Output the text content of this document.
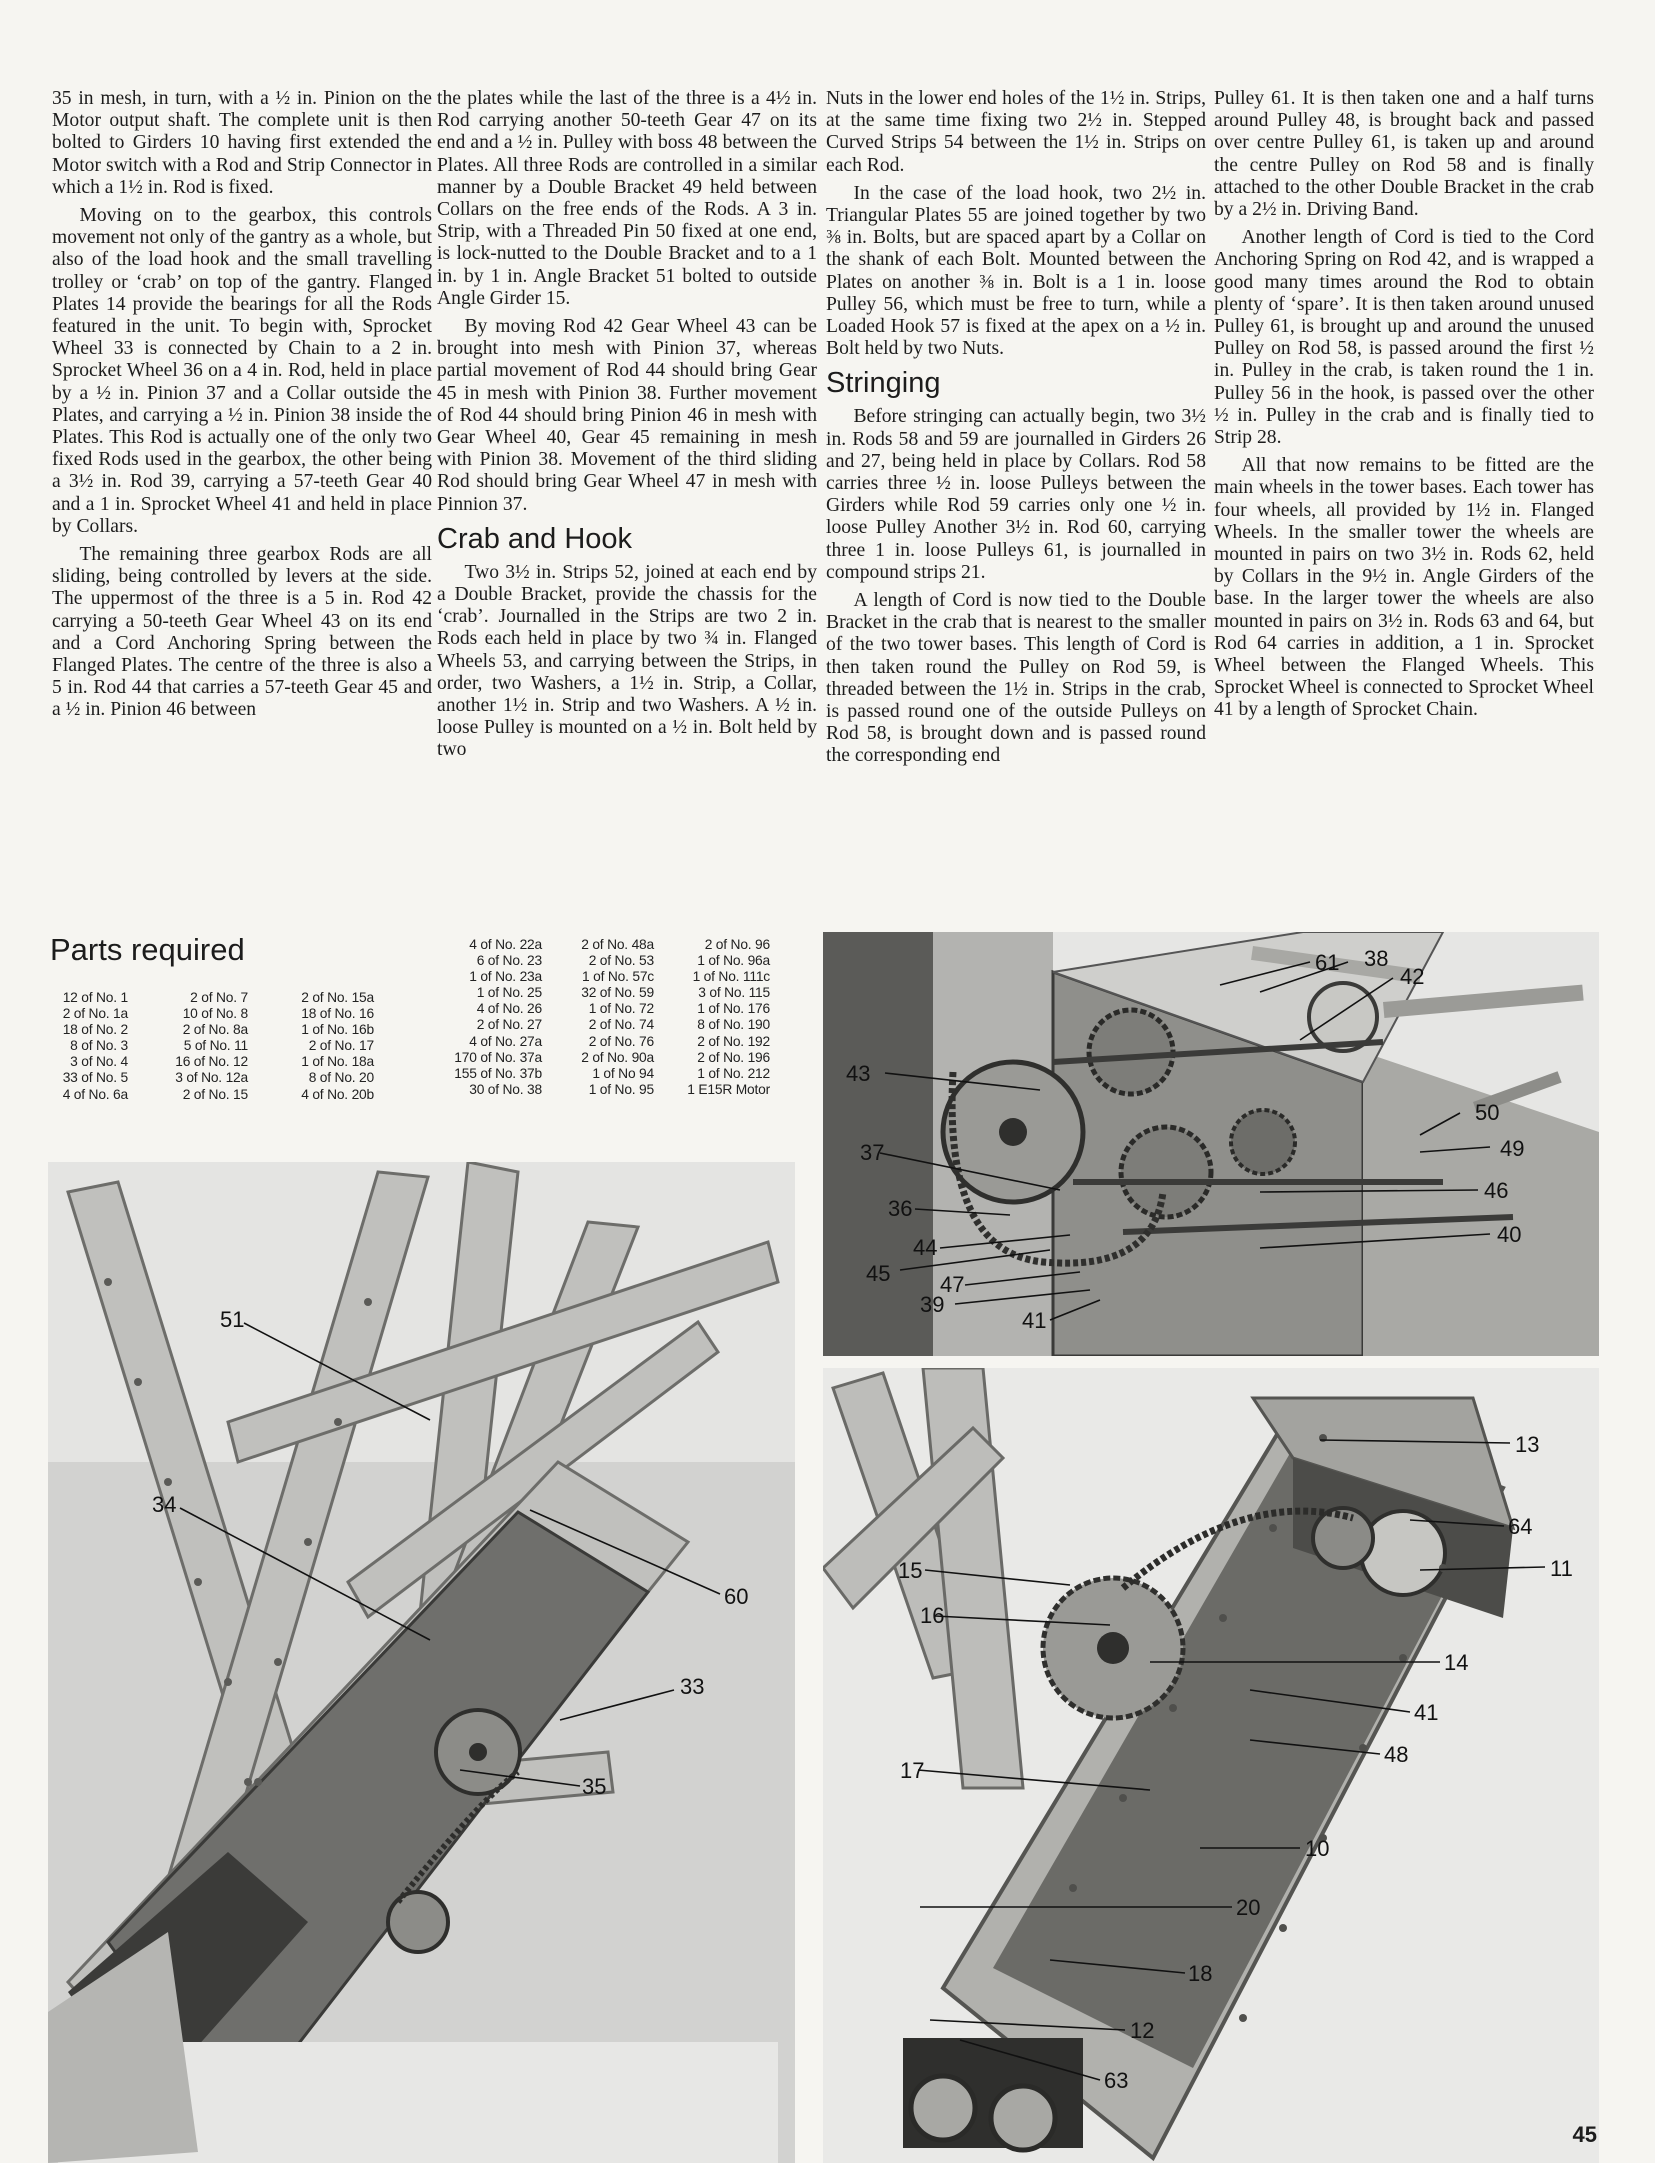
35 in mesh, in turn, with a ½ in. Pinion on the Motor output shaft. The complete unit is then bolted to Girders 10 having first extended the Motor switch with a Rod and Strip Connector in which a 1½ in. Rod is fixed.

Moving on to the gearbox, this controls movement not only of the gantry as a whole, but also of the load hook and the small travelling trolley or ‘crab’ on top of the gantry. Flanged Plates 14 provide the bearings for all the Rods featured in the unit. To begin with, Sprocket Wheel 33 is connected by Chain to a 2 in. Sprocket Wheel 36 on a 4 in. Rod, held in place by a ½ in. Pinion 37 and a Collar outside the Plates, and carrying a ½ in. Pinion 38 inside the Plates. This Rod is actually one of the only two fixed Rods used in the gearbox, the other being a 3½ in. Rod 39, carrying a 57-teeth Gear 40 and a 1 in. Sprocket Wheel 41 and held in place by Collars.

The remaining three gearbox Rods are all sliding, being controlled by levers at the side. The uppermost of the three is a 5 in. Rod 42 carrying a 50-teeth Gear Wheel 43 on its end and a Cord Anchoring Spring between the Flanged Plates. The centre of the three is also a 5 in. Rod 44 that carries a 57-teeth Gear 45 and a ½ in. Pinion 46 between

the plates while the last of the three is a 4½ in. Rod carrying another 50-teeth Gear 47 on its end and a ½ in. Pulley with boss 48 between the Plates. All three Rods are controlled in a similar manner by a Double Bracket 49 held between Collars on the free ends of the Rods. A 3 in. Strip, with a Threaded Pin 50 fixed at one end, is lock-nutted to the Double Bracket and to a 1 in. by 1 in. Angle Bracket 51 bolted to outside Angle Girder 15.

By moving Rod 42 Gear Wheel 43 can be brought into mesh with Pinion 37, whereas partial movement of Rod 44 should bring Gear 45 in mesh with Pinion 38. Further movement of Rod 44 should bring Pinion 46 in mesh with Gear Wheel 40, Gear 45 remaining in mesh with Pinion 38. Movement of the third sliding Rod should bring Gear Wheel 47 in mesh with Pinnion 37.

Crab and Hook

Two 3½ in. Strips 52, joined at each end by a Double Bracket, provide the chassis for the ‘crab’. Journalled in the Strips are two 2 in. Rods each held in place by two ¾ in. Flanged Wheels 53, and carrying between the Strips, in order, two Washers, a 1½ in. Strip, a Collar, another 1½ in. Strip and two Washers. A ½ in. loose Pulley is mounted on a ½ in. Bolt held by two

Nuts in the lower end holes of the 1½ in. Strips, at the same time fixing two 2½ in. Stepped Curved Strips 54 between the 1½ in. Strips on each Rod.

In the case of the load hook, two 2½ in. Triangular Plates 55 are joined together by two ⅜ in. Bolts, but are spaced apart by a Collar on the shank of each Bolt. Mounted between the Plates on another ⅜ in. Bolt is a 1 in. loose Pulley 56, which must be free to turn, while a Loaded Hook 57 is fixed at the apex on a ½ in. Bolt held by two Nuts.

Stringing

Before stringing can actually begin, two 3½ in. Rods 58 and 59 are journalled in Girders 26 and 27, being held in place by Collars. Rod 58 carries three ½ in. loose Pulleys between the Girders while Rod 59 carries only one ½ in. loose Pulley Another 3½ in. Rod 60, carrying three 1 in. loose Pulleys 61, is journalled in compound strips 21.

A length of Cord is now tied to the Double Bracket in the crab that is nearest to the smaller of the two tower bases. This length of Cord is then taken round the Pulley on Rod 59, is threaded between the 1½ in. Strips in the crab, is passed round one of the outside Pulleys on Rod 58, is brought down and is passed round the corresponding end

Pulley 61. It is then taken one and a half turns around Pulley 48, is brought back and passed over centre Pulley 61, is taken up and around the centre Pulley on Rod 58 and is finally attached to the other Double Bracket in the crab by a 2½ in. Driving Band.

Another length of Cord is tied to the Cord Anchoring Spring on Rod 42, and is wrapped a good many times around the Rod to obtain plenty of ‘spare’. It is then taken around unused Pulley 61, is brought up and around the unused Pulley on Rod 58, is passed around the first ½ in. Pulley in the crab, is taken round the 1 in. Pulley 56 in the hook, is passed over the other ½ in. Pulley in the crab and is finally tied to Strip 28.

All that now remains to be fitted are the main wheels in the tower bases. Each tower has four wheels, all provided by 1½ in. Flanged Wheels. In the smaller tower the wheels are mounted in pairs on two 3½ in. Rods 62, held by Collars in the 9½ in. Angle Girders of the base. In the larger tower the wheels are also mounted in pairs on 3½ in. Rods 63 and 64, but Rod 64 carries in addition, a 1 in. Sprocket Wheel between the Flanged Wheels. This Sprocket Wheel is connected to Sprocket Wheel 41 by a length of Sprocket Chain.

Parts required
12 of No. 1
2 of No. 1a
18 of No. 2
8 of No. 3
3 of No. 4
33 of No. 5
4 of No. 6a
2 of No. 7
10 of No. 8
2 of No. 8a
5 of No. 11
16 of No. 12
3 of No. 12a
2 of No. 15
2 of No. 15a
18 of No. 16
1 of No. 16b
2 of No. 17
1 of No. 18a
8 of No. 20
4 of No. 20b
4 of No. 22a
6 of No. 23
1 of No. 23a
1 of No. 25
4 of No. 26
2 of No. 27
4 of No. 27a
170 of No. 37a
155 of No. 37b
30 of No. 38
2 of No. 48a
2 of No. 53
1 of No. 57c
32 of No. 59
1 of No. 72
2 of No. 74
2 of No. 76
2 of No. 90a
1 of No 94
1 of No. 95
2 of No. 96
1 of No. 96a
1 of No. 111c
3 of No. 115
1 of No. 176
8 of No. 190
2 of No. 192
2 of No. 196
1 of No. 212
1 E15R Motor
51
34
60
33
35
61 38
42
43
37
36
44
45 47
39
41
50
49
46
40
13
64
11
15
16
14
41
48
17
10
20
18
12
63
45
